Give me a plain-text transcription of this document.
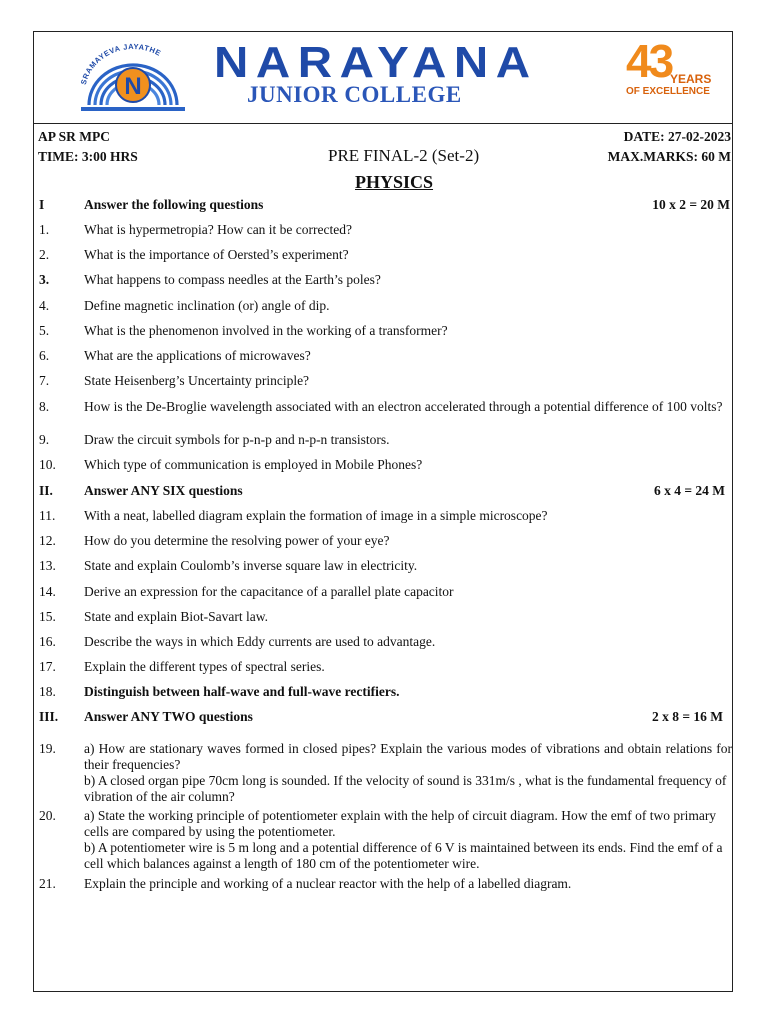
SRAMAYEVA JAYATHE
N NARAYANA
JUNIOR COLLEGE
43
YEARS
OF EXCELLENCE
AP SR MPC	DATE: 27-02-2023
TIME: 3:00 HRS	PRE FINAL-2 (Set-2)	MAX.MARKS: 60 M
PHYSICS
I	Answer the following questions	10 x 2 = 20 M
1.	What is hypermetropia? How can it be corrected?
2.	What is the importance of Oersted’s experiment?
3.	What happens to compass needles at the Earth’s poles?
4.	Define magnetic inclination (or) angle of dip.
5.	What is the phenomenon involved in the working of a transformer?
6.	What are the applications of microwaves?
7.	State Heisenberg’s Uncertainty principle?
8.	How is the De-Broglie wavelength associated with an electron accelerated through a potential difference of 100 volts?
9.	Draw the circuit symbols for p-n-p and n-p-n transistors.
10. Which type of communication is employed in Mobile Phones?
II. Answer ANY SIX questions	6 x 4 = 24 M
11. With a neat, labelled diagram explain the formation of image in a simple microscope?
12. How do you determine the resolving power of your eye?
13. State and explain Coulomb’s inverse square law in electricity.
14. Derive an expression for the capacitance of a parallel plate capacitor
15. State and explain Biot-Savart law.
16. Describe the ways in which Eddy currents are used to advantage.
17. Explain the different types of spectral series.
18. Distinguish between half-wave and full-wave rectifiers.
III. Answer ANY TWO questions	2 x 8 = 16 M
19. a) How are stationary waves formed in closed pipes? Explain the various modes of vibrations and obtain relations for their frequencies?
b) A closed organ pipe 70cm long is sounded. If the velocity of sound is 331m/s , what is the fundamental frequency of vibration of the air column?
20. a) State the working principle of potentiometer explain with the help of circuit diagram. How the emf of two primary cells are compared by using the potentiometer.
b) A potentiometer wire is 5 m long and a potential difference of 6 V is maintained between its ends. Find the emf of a cell which balances against a length of 180 cm of the potentiometer wire.
21. Explain the principle and working of a nuclear reactor with the help of a labelled diagram.
